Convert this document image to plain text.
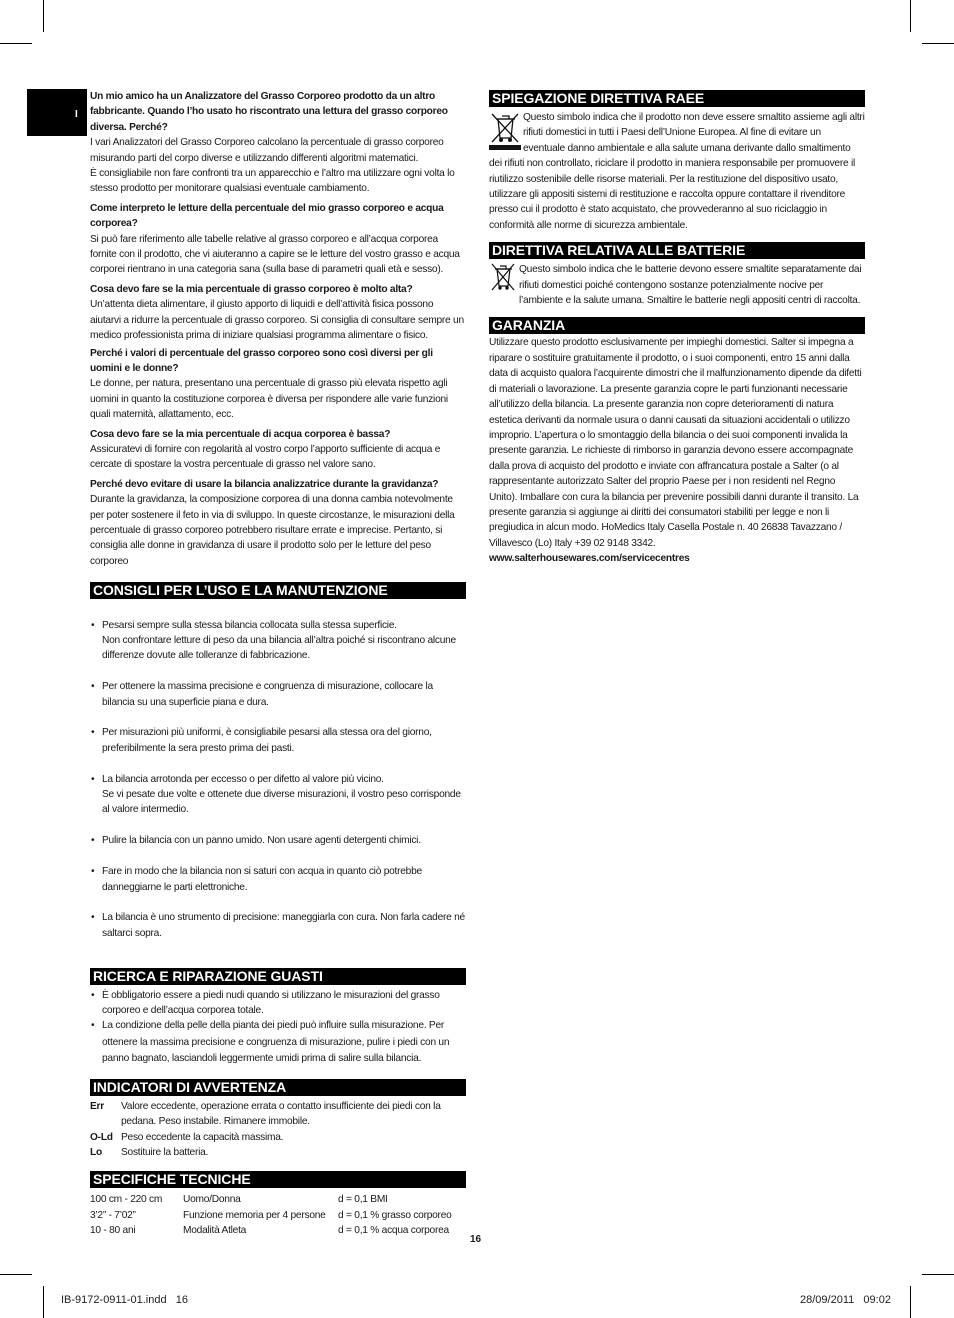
I

Un mio amico ha un Analizzatore del Grasso Corporeo prodotto da un altro fabbricante. Quando l’ho usato ho riscontrato una lettura del grasso corporeo diversa. Perché?

I vari Analizzatori del Grasso Corporeo calcolano la percentuale di grasso corporeo misurando parti del corpo diverse e utilizzando differenti algoritmi matematici.

È consigliabile non fare confronti tra un apparecchio e l’altro ma utilizzare ogni volta lo stesso prodotto per monitorare qualsiasi eventuale cambiamento.

Come interpreto le letture della percentuale del mio grasso corporeo e acqua corporea?

Si può fare riferimento alle tabelle relative al grasso corporeo e all’acqua corporea fornite con il prodotto, che vi aiuteranno a capire se le letture del vostro grasso e acqua corporei rientrano in una categoria sana (sulla base di parametri quali età e sesso).

Cosa devo fare se la mia percentuale di grasso corporeo è molto alta?

Un’attenta dieta alimentare, il giusto apporto di liquidi e dell’attività fisica possono aiutarvi a ridurre la percentuale di grasso corporeo. Si consiglia di consultare sempre un medico professionista prima di iniziare qualsiasi programma alimentare o fisico.

Perché i valori di percentuale del grasso corporeo sono così diversi per gli uomini e le donne?

Le donne, per natura, presentano una percentuale di grasso più elevata rispetto agli uomini in quanto la costituzione corporea è diversa per rispondere alle varie funzioni quali maternità, allattamento, ecc.

Cosa devo fare se la mia percentuale di acqua corporea è bassa?

Assicuratevi di fornire con regolarità al vostro corpo l’apporto sufficiente di acqua e cercate di spostare la vostra percentuale di grasso nel valore sano.

Perché devo evitare di usare la bilancia analizzatrice durante la gravidanza?

Durante la gravidanza, la composizione corporea di una donna cambia notevolmente per poter sostenere il feto in via di sviluppo. In queste circostanze, le misurazioni della percentuale di grasso corporeo potrebbero risultare errate e imprecise. Pertanto, si consiglia alle donne in gravidanza di usare il prodotto solo per le letture del peso corporeo

CONSIGLI PER L’USO E LA MANUTENZIONE

• Pesarsi sempre sulla stessa bilancia collocata sulla stessa superficie.
Non confrontare letture di peso da una bilancia all’altra poiché si riscontrano alcune differenze dovute alle tolleranze di fabbricazione.

• Per ottenere la massima precisione e congruenza di misurazione, collocare la bilancia su una superficie piana e dura.

• Per misurazioni più uniformi, è consigliabile pesarsi alla stessa ora del giorno, preferibilmente la sera presto prima dei pasti.

• La bilancia arrotonda per eccesso o per difetto al valore più vicino.
Se vi pesate due volte e ottenete due diverse misurazioni, il vostro peso corrisponde al valore intermedio.

• Pulire la bilancia con un panno umido. Non usare agenti detergenti chimici.

• Fare in modo che la bilancia non si saturi con acqua in quanto ciò potrebbe danneggiarne le parti elettroniche.

• La bilancia è uno strumento di precisione: maneggiarla con cura. Non farla cadere né saltarci sopra.

RICERCA E RIPARAZIONE GUASTI
• È obbligatorio essere a piedi nudi quando si utilizzano le misurazioni del grasso corporeo e dell’acqua corporea totale.
• La condizione della pelle della pianta dei piedi può influire sulla misurazione. Per ottenere la massima precisione e congruenza di misurazione, pulire i piedi con un panno bagnato, lasciandoli leggermente umidi prima di salire sulla bilancia.
INDICATORI DI AVVERTENZA
Err	Valore eccedente, operazione errata o contatto insufficiente dei piedi con la pedana. Peso instabile. Rimanere immobile.
O-Ld Peso eccedente la capacità massima.
Lo	Sostituire la batteria.
SPECIFICHE TECNICHE
100 cm - 220 cm	Uomo/Donna	d = 0,1 BMI
3’2” - 7’02”	Funzione memoria per 4 persone	d = 0,1 % grasso corporeo
10 - 80 ani	Modalità Atleta	d = 0,1 % acqua corporea
SPIEGAZIONE DIRETTIVA RAEE

Questo simbolo indica che il prodotto non deve essere smaltito assieme agli altri rifiuti domestici in tutti i Paesi dell’Unione Europea. Al fine di evitare un eventuale danno ambientale e alla salute umana derivante dallo smaltimento dei rifiuti non controllato, riciclare il prodotto in maniera responsabile per promuovere il riutilizzo sostenibile delle risorse materiali. Per la restituzione del dispositivo usato, utilizzare gli appositi sistemi di restituzione e raccolta oppure contattare il rivenditore presso cui il prodotto è stato acquistato, che provvederanno al suo riciclaggio in conformità alle norme di sicurezza ambientale.

DIRETTIVA RELATIVA ALLE BATTERIE

Questo simbolo indica che le batterie devono essere smaltite separatamente dai rifiuti domestici poiché contengono sostanze potenzialmente nocive per l’ambiente e la salute umana. Smaltire le batterie negli appositi centri di raccolta.

GARANZIA

Utilizzare questo prodotto esclusivamente per impieghi domestici. Salter si impegna a riparare o sostituire gratuitamente il prodotto, o i suoi componenti, entro 15 anni dalla data di acquisto qualora l’acquirente dimostri che il malfunzionamento dipende da difetti di materiali o lavorazione. La presente garanzia copre le parti funzionanti necessarie all’utilizzo della bilancia. La presente garanzia non copre deterioramenti di natura estetica derivanti da normale usura o danni causati da situazioni accidentali o utilizzo improprio. L’apertura o lo smontaggio della bilancia o dei suoi componenti invalida la presente garanzia. Le richieste di rimborso in garanzia devono essere accompagnate dalla prova di acquisto del prodotto e inviate con affrancatura postale a Salter (o al rappresentante autorizzato Salter del proprio Paese per i non residenti nel Regno Unito). Imballare con cura la bilancia per prevenire possibili danni durante il transito. La presente garanzia si aggiunge ai diritti dei consumatori stabiliti per legge e non li pregiudica in alcun modo. HoMedics Italy Casella Postale n. 40 26838 Tavazzano / Villavesco (Lo) Italy +39 02 9148 3342.

www.salterhousewares.com/servicecentres

16
IB-9172-0911-01.indd   16	28/09/2011   09:02
